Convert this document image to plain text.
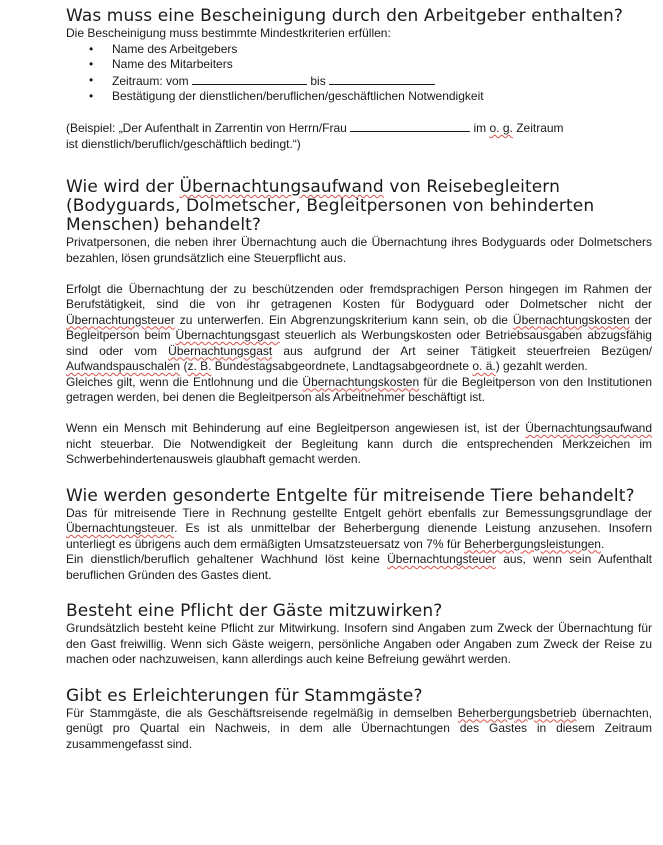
Was muss eine Bescheinigung durch den Arbeitgeber enthalten?

Die Bescheinigung muss bestimmte Mindestkriterien erfüllen:

• Name des Arbeitgebers
• Name des Mitarbeiters
• Zeitraum: vom	bis
• Bestätigung der dienstlichen/beruflichen/geschäftlichen Notwendigkeit

(Beispiel: „Der Aufenthalt in Zarrentin von Herrn/Frau	im o. g. Zeitraum
ist dienstlich/beruflich/geschäftlich bedingt.“)

Wie wird der Übernachtungsaufwand von Reisebegleitern (Bodyguards, Dolmetscher, Begleitpersonen von behinderten Menschen) behandelt?

Privatpersonen, die neben ihrer Übernachtung auch die Übernachtung ihres Bodyguards oder Dolmetschers bezahlen, lösen grundsätzlich eine Steuerpflicht aus.

Erfolgt die Übernachtung der zu beschützenden oder fremdsprachigen Person hingegen im Rahmen der Berufstätigkeit, sind die von ihr getragenen Kosten für Bodyguard oder Dolmetscher nicht der Übernachtungsteuer zu unterwerfen. Ein Abgrenzungskriterium kann sein, ob die Übernachtungskosten der Begleitperson beim Übernachtungsgast steuerlich als Werbungskosten oder Betriebsausgaben abzugsfähig sind oder vom Übernachtungsgast aus aufgrund der Art seiner Tätigkeit steuerfreien Bezügen/ Aufwandspauschalen (z. B. Bundestagsabgeordnete, Landtagsabgeordnete o. ä.) gezahlt werden.

Gleiches gilt, wenn die Entlohnung und die Übernachtungskosten für die Begleitperson von den Institutionen getragen werden, bei denen die Begleitperson als Arbeitnehmer beschäftigt ist.

Wenn ein Mensch mit Behinderung auf eine Begleitperson angewiesen ist, ist der Übernachtungsaufwand nicht steuerbar. Die Notwendigkeit der Begleitung kann durch die entsprechenden Merkzeichen im Schwerbehindertenausweis glaubhaft gemacht werden.

Wie werden gesonderte Entgelte für mitreisende Tiere behandelt?

Das für mitreisende Tiere in Rechnung gestellte Entgelt gehört ebenfalls zur Bemessungsgrundlage der Übernachtungsteuer. Es ist als unmittelbar der Beherbergung dienende Leistung anzusehen. Insofern unterliegt es übrigens auch dem ermäßigten Umsatzsteuersatz von 7% für Beherbergungsleistungen.

Ein dienstlich/beruflich gehaltener Wachhund löst keine Übernachtungsteuer aus, wenn sein Aufenthalt beruflichen Gründen des Gastes dient.

Besteht eine Pflicht der Gäste mitzuwirken?

Grundsätzlich besteht keine Pflicht zur Mitwirkung. Insofern sind Angaben zum Zweck der Übernachtung für den Gast freiwillig. Wenn sich Gäste weigern, persönliche Angaben oder Angaben zum Zweck der Reise zu machen oder nachzuweisen, kann allerdings auch keine Befreiung gewährt werden.

Gibt es Erleichterungen für Stammgäste?

Für Stammgäste, die als Geschäftsreisende regelmäßig in demselben Beherbergungsbetrieb übernachten, genügt pro Quartal ein Nachweis, in dem alle Übernachtungen des Gastes in diesem Zeitraum zusammengefasst sind.
